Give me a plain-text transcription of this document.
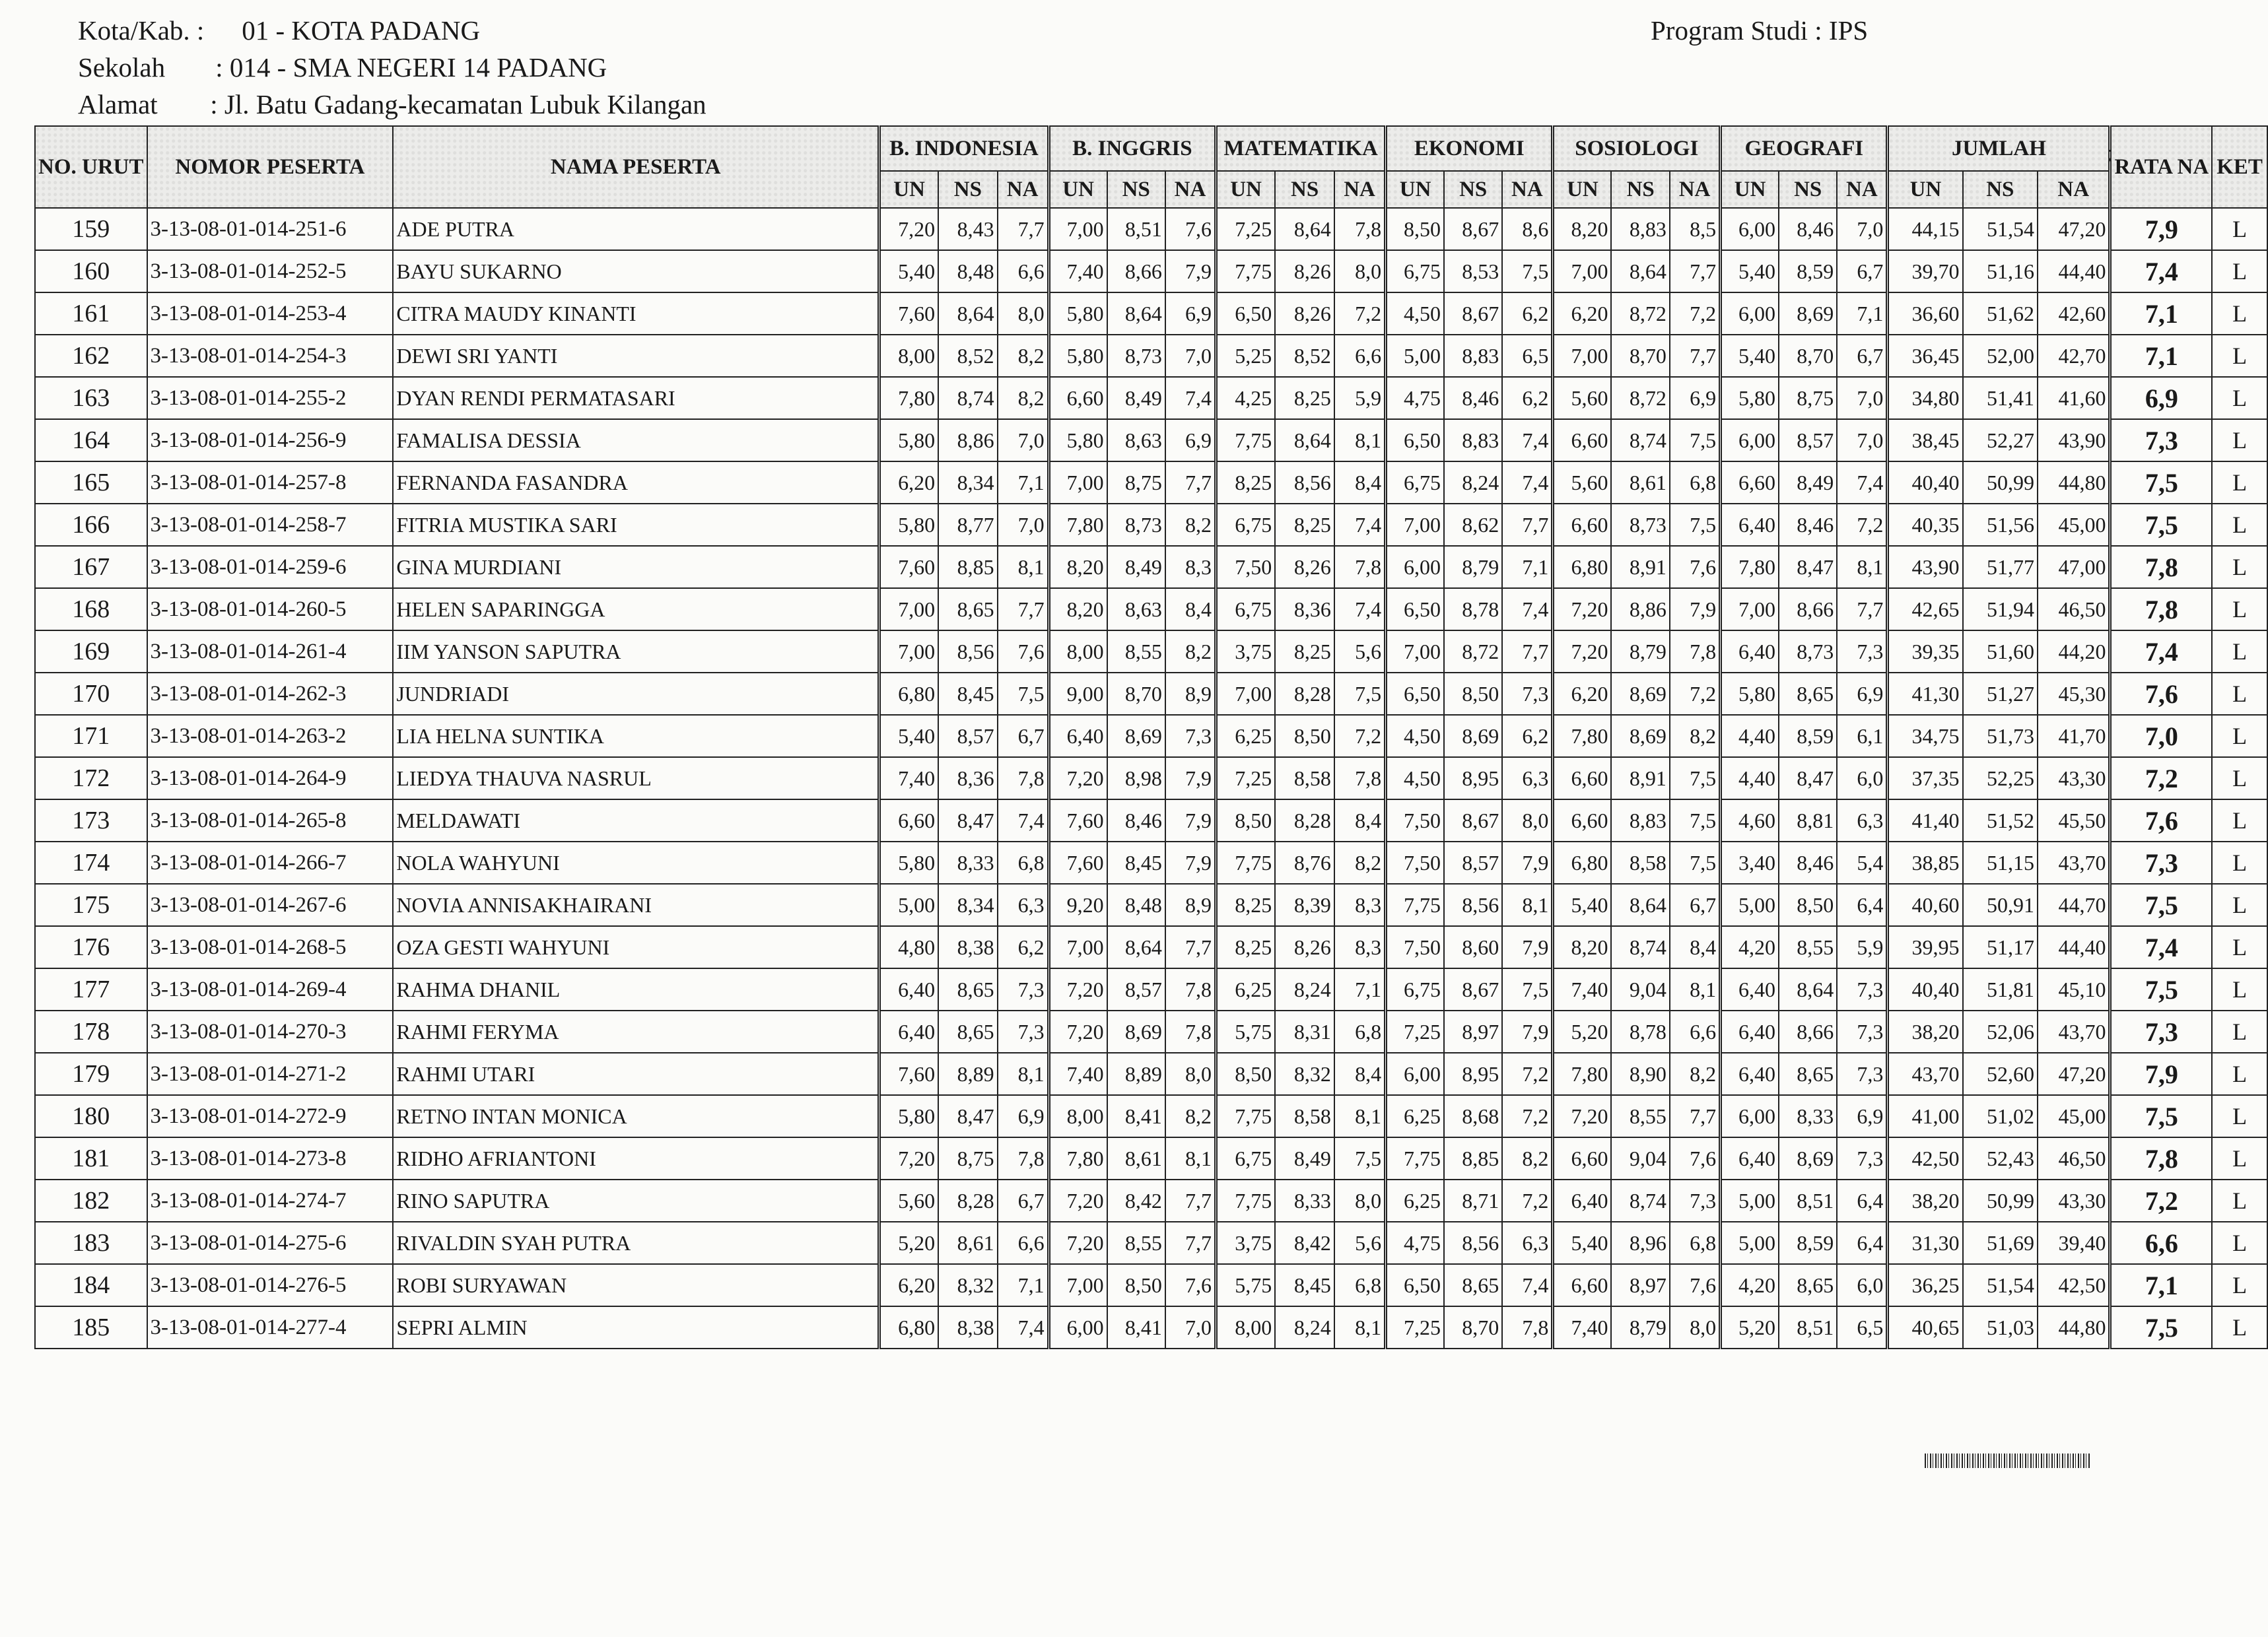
Kota/Kab. : 01 - KOTA PADANG
Sekolah : 014 - SMA NEGERI 14 PADANG
Alamat : Jl. Batu Gadang-kecamatan Lubuk Kilangan
Program Studi : IPS
NO. URUT	NOMOR PESERTA	NAMA PESERTA	B. INDONESIA			B. INGGRIS			MATEMATIKA			EKONOMI			SOSIOLOGI			GEOGRAFI			JUMLAH			RATA NA	KET
			UN	NS	NA	UN	NS	NA	UN	NS	NA	UN	NS	NA	UN	NS	NA	UN	NS	NA	UN	NS	NA		
159	3-13-08-01-014-251-6	ADE PUTRA	7,20	8,43	7,7	7,00	8,51	7,6	7,25	8,64	7,8	8,50	8,67	8,6	8,20	8,83	8,5	6,00	8,46	7,0	44,15	51,54	47,20	7,9	L
160	3-13-08-01-014-252-5	BAYU SUKARNO	5,40	8,48	6,6	7,40	8,66	7,9	7,75	8,26	8,0	6,75	8,53	7,5	7,00	8,64	7,7	5,40	8,59	6,7	39,70	51,16	44,40	7,4	L
161	3-13-08-01-014-253-4	CITRA MAUDY KINANTI	7,60	8,64	8,0	5,80	8,64	6,9	6,50	8,26	7,2	4,50	8,67	6,2	6,20	8,72	7,2	6,00	8,69	7,1	36,60	51,62	42,60	7,1	L
162	3-13-08-01-014-254-3	DEWI SRI YANTI	8,00	8,52	8,2	5,80	8,73	7,0	5,25	8,52	6,6	5,00	8,83	6,5	7,00	8,70	7,7	5,40	8,70	6,7	36,45	52,00	42,70	7,1	L
163	3-13-08-01-014-255-2	DYAN RENDI PERMATASARI	7,80	8,74	8,2	6,60	8,49	7,4	4,25	8,25	5,9	4,75	8,46	6,2	5,60	8,72	6,9	5,80	8,75	7,0	34,80	51,41	41,60	6,9	L
164	3-13-08-01-014-256-9	FAMALISA DESSIA	5,80	8,86	7,0	5,80	8,63	6,9	7,75	8,64	8,1	6,50	8,83	7,4	6,60	8,74	7,5	6,00	8,57	7,0	38,45	52,27	43,90	7,3	L
165	3-13-08-01-014-257-8	FERNANDA FASANDRA	6,20	8,34	7,1	7,00	8,75	7,7	8,25	8,56	8,4	6,75	8,24	7,4	5,60	8,61	6,8	6,60	8,49	7,4	40,40	50,99	44,80	7,5	L
166	3-13-08-01-014-258-7	FITRIA MUSTIKA SARI	5,80	8,77	7,0	7,80	8,73	8,2	6,75	8,25	7,4	7,00	8,62	7,7	6,60	8,73	7,5	6,40	8,46	7,2	40,35	51,56	45,00	7,5	L
167	3-13-08-01-014-259-6	GINA MURDIANI	7,60	8,85	8,1	8,20	8,49	8,3	7,50	8,26	7,8	6,00	8,79	7,1	6,80	8,91	7,6	7,80	8,47	8,1	43,90	51,77	47,00	7,8	L
168	3-13-08-01-014-260-5	HELEN SAPARINGGA	7,00	8,65	7,7	8,20	8,63	8,4	6,75	8,36	7,4	6,50	8,78	7,4	7,20	8,86	7,9	7,00	8,66	7,7	42,65	51,94	46,50	7,8	L
169	3-13-08-01-014-261-4	IIM YANSON SAPUTRA	7,00	8,56	7,6	8,00	8,55	8,2	3,75	8,25	5,6	7,00	8,72	7,7	7,20	8,79	7,8	6,40	8,73	7,3	39,35	51,60	44,20	7,4	L
170	3-13-08-01-014-262-3	JUNDRIADI	6,80	8,45	7,5	9,00	8,70	8,9	7,00	8,28	7,5	6,50	8,50	7,3	6,20	8,69	7,2	5,80	8,65	6,9	41,30	51,27	45,30	7,6	L
171	3-13-08-01-014-263-2	LIA HELNA SUNTIKA	5,40	8,57	6,7	6,40	8,69	7,3	6,25	8,50	7,2	4,50	8,69	6,2	7,80	8,69	8,2	4,40	8,59	6,1	34,75	51,73	41,70	7,0	L
172	3-13-08-01-014-264-9	LIEDYA THAUVA NASRUL	7,40	8,36	7,8	7,20	8,98	7,9	7,25	8,58	7,8	4,50	8,95	6,3	6,60	8,91	7,5	4,40	8,47	6,0	37,35	52,25	43,30	7,2	L
173	3-13-08-01-014-265-8	MELDAWATI	6,60	8,47	7,4	7,60	8,46	7,9	8,50	8,28	8,4	7,50	8,67	8,0	6,60	8,83	7,5	4,60	8,81	6,3	41,40	51,52	45,50	7,6	L
174	3-13-08-01-014-266-7	NOLA WAHYUNI	5,80	8,33	6,8	7,60	8,45	7,9	7,75	8,76	8,2	7,50	8,57	7,9	6,80	8,58	7,5	3,40	8,46	5,4	38,85	51,15	43,70	7,3	L
175	3-13-08-01-014-267-6	NOVIA ANNISAKHAIRANI	5,00	8,34	6,3	9,20	8,48	8,9	8,25	8,39	8,3	7,75	8,56	8,1	5,40	8,64	6,7	5,00	8,50	6,4	40,60	50,91	44,70	7,5	L
176	3-13-08-01-014-268-5	OZA GESTI WAHYUNI	4,80	8,38	6,2	7,00	8,64	7,7	8,25	8,26	8,3	7,50	8,60	7,9	8,20	8,74	8,4	4,20	8,55	5,9	39,95	51,17	44,40	7,4	L
177	3-13-08-01-014-269-4	RAHMA DHANIL	6,40	8,65	7,3	7,20	8,57	7,8	6,25	8,24	7,1	6,75	8,67	7,5	7,40	9,04	8,1	6,40	8,64	7,3	40,40	51,81	45,10	7,5	L
178	3-13-08-01-014-270-3	RAHMI FERYMA	6,40	8,65	7,3	7,20	8,69	7,8	5,75	8,31	6,8	7,25	8,97	7,9	5,20	8,78	6,6	6,40	8,66	7,3	38,20	52,06	43,70	7,3	L
179	3-13-08-01-014-271-2	RAHMI UTARI	7,60	8,89	8,1	7,40	8,89	8,0	8,50	8,32	8,4	6,00	8,95	7,2	7,80	8,90	8,2	6,40	8,65	7,3	43,70	52,60	47,20	7,9	L
180	3-13-08-01-014-272-9	RETNO INTAN MONICA	5,80	8,47	6,9	8,00	8,41	8,2	7,75	8,58	8,1	6,25	8,68	7,2	7,20	8,55	7,7	6,00	8,33	6,9	41,00	51,02	45,00	7,5	L
181	3-13-08-01-014-273-8	RIDHO AFRIANTONI	7,20	8,75	7,8	7,80	8,61	8,1	6,75	8,49	7,5	7,75	8,85	8,2	6,60	9,04	7,6	6,40	8,69	7,3	42,50	52,43	46,50	7,8	L
182	3-13-08-01-014-274-7	RINO SAPUTRA	5,60	8,28	6,7	7,20	8,42	7,7	7,75	8,33	8,0	6,25	8,71	7,2	6,40	8,74	7,3	5,00	8,51	6,4	38,20	50,99	43,30	7,2	L
183	3-13-08-01-014-275-6	RIVALDIN SYAH PUTRA	5,20	8,61	6,6	7,20	8,55	7,7	3,75	8,42	5,6	4,75	8,56	6,3	5,40	8,96	6,8	5,00	8,59	6,4	31,30	51,69	39,40	6,6	L
184	3-13-08-01-014-276-5	ROBI SURYAWAN	6,20	8,32	7,1	7,00	8,50	7,6	5,75	8,45	6,8	6,50	8,65	7,4	6,60	8,97	7,6	4,20	8,65	6,0	36,25	51,54	42,50	7,1	L
185	3-13-08-01-014-277-4	SEPRI ALMIN	6,80	8,38	7,4	6,00	8,41	7,0	8,00	8,24	8,1	7,25	8,70	7,8	7,40	8,79	8,0	5,20	8,51	6,5	40,65	51,03	44,80	7,5	L
